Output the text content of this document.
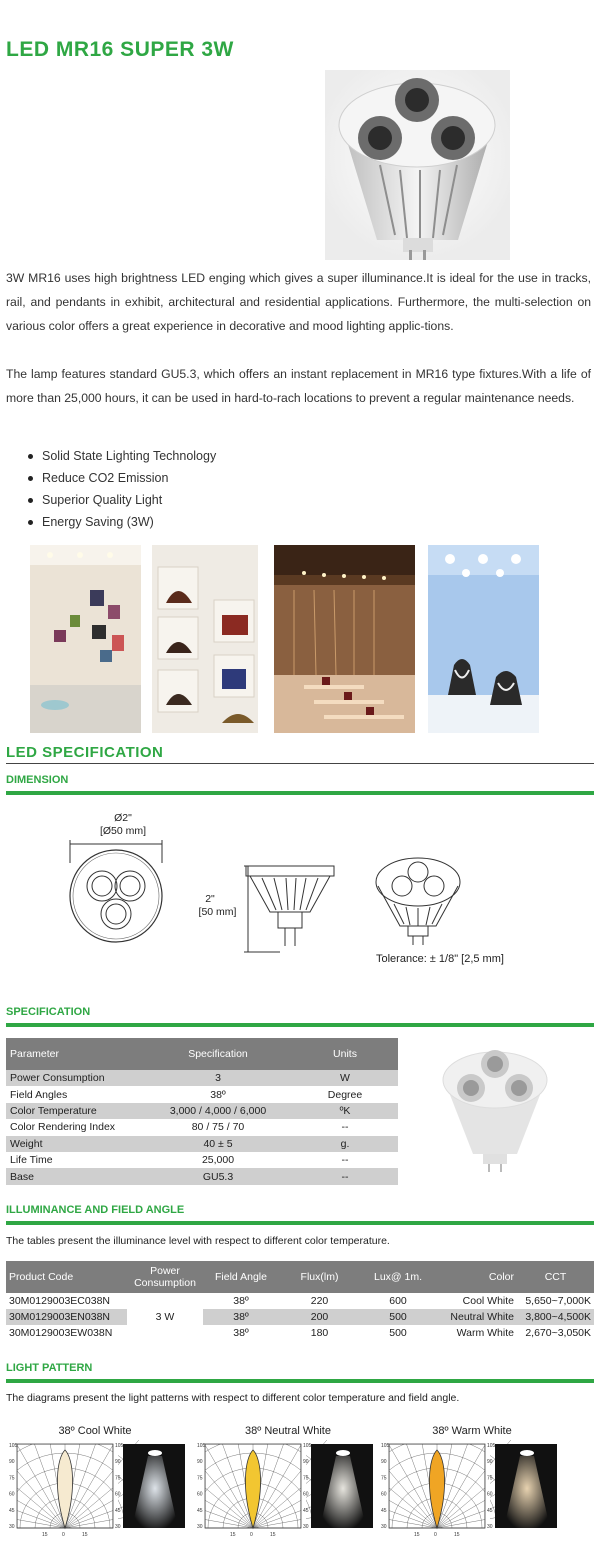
LED MR16 SUPER 3W
3W MR16 uses high brightness LED enging which gives a super illuminance.It is ideal for the use in tracks, rail, and pendants in exhibit, architectural and residential applications. Furthermore, the multi-selection on various color offers a great experience in decorative and mood lighting applic-tions.
The lamp features standard GU5.3, which offers an instant replacement in MR16 type fixtures.With a life of more than 25,000 hours, it can be used in hard-to-rach locations to prevent a regular maintenance needs.
Solid State Lighting Technology
Reduce CO2 Emission
Superior Quality Light
Energy Saving (3W)
LED SPECIFICATION
DIMENSION
Ø2"
[Ø50 mm]
2"
[50 mm]
Tolerance: ± 1/8" [2,5 mm]
SPECIFICATION
Parameter	Specification	Units
Power Consumption	3	W
Field Angles	38º	Degree
Color Temperature	3,000 / 4,000 / 6,000	ºK
Color Rendering Index	80 / 75 / 70	--
Weight	40 ± 5	g.
Life Time	25,000	--
Base	GU5.3	--
ILLUMINANCE AND FIELD ANGLE
The tables present the illuminance level with respect to different color temperature.
Product Code	Power Consumption	Field Angle	Flux(lm)	Lux@ 1m.	Color	CCT
30M0129003EC038N	3 W	38º	220	600	Cool White	5,650~7,000K
30M0129003EN038N		38º	200	500	Neutral White	3,800~4,500K
30M0129003EW038N		38º	180	500	Warm White	2,670~3,050K
LIGHT PATTERN
The diagrams present the light patterns with respect to different color temperature and field angle.
38º Cool White	38º Neutral White	38º Warm White
105	105
90	90
75	75
60	60
45	45
30	30
15	0	15
105	105
90	90
75	75
60	60
45	45
30	30
15	0	15
105	105
90	90
75	75
60	60
45	45
30	30
15	0	15
